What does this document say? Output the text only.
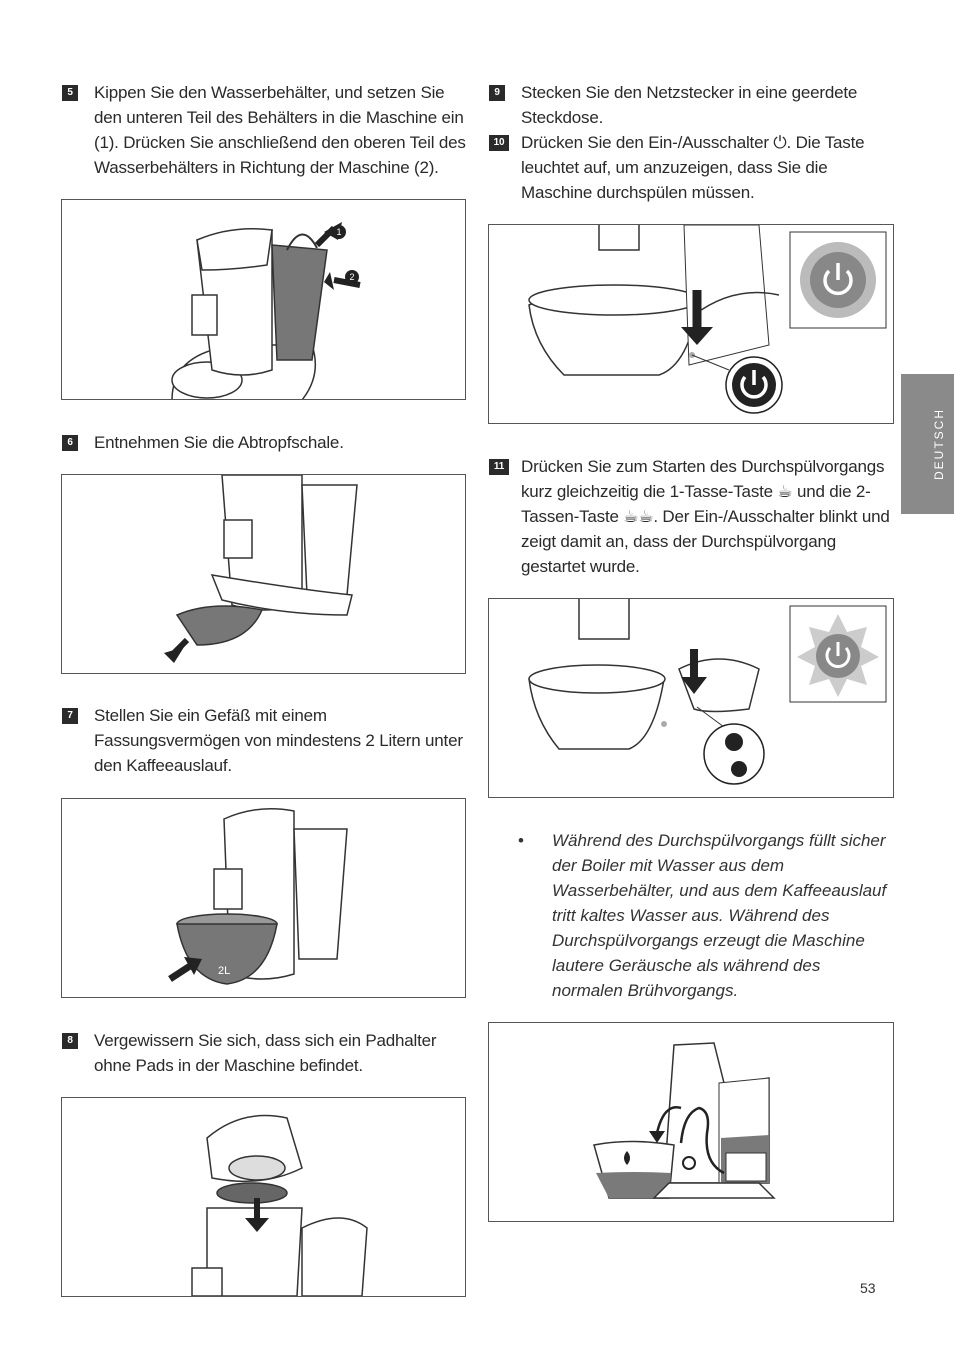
5	Kippen Sie den Wasserbehälter, und setzen Sie den unteren Teil des Behälters in die Maschine ein (1). Drücken Sie anschließend den oberen Teil des Wasserbehälters in Richtung der Maschine (2).
1
2
6	Entnehmen Sie die Abtropfschale.
7	Stellen Sie ein Gefäß mit einem Fassungsvermögen von mindestens 2 Litern unter den Kaffeeauslauf.
2L
8	Vergewissern Sie sich, dass sich ein Padhalter ohne Pads in der Maschine befindet.
9	Stecken Sie den Netzstecker in eine geerdete Steckdose.
10 Drücken Sie den Ein-/Ausschalter ⏻. Die Taste leuchtet auf, um anzuzeigen, dass Sie die Maschine durchspülen müssen.
11 Drücken Sie zum Starten des Durchspülvorgangs kurz gleichzeitig die 1-Tasse-Taste ☕ und die 2-Tassen-Taste ☕☕. Der Ein-/Ausschalter blinkt und zeigt damit an, dass der Durchspülvorgang gestartet wurde.
• Während des Durchspülvorgangs füllt sicher der Boiler mit Wasser aus dem Wasserbehälter, und aus dem Kaffeeauslauf tritt kaltes Wasser aus. Während des Durchspülvorgangs erzeugt die Maschine lautere Geräusche als während des normalen Brühvorgangs.
DEUTSCH
53
